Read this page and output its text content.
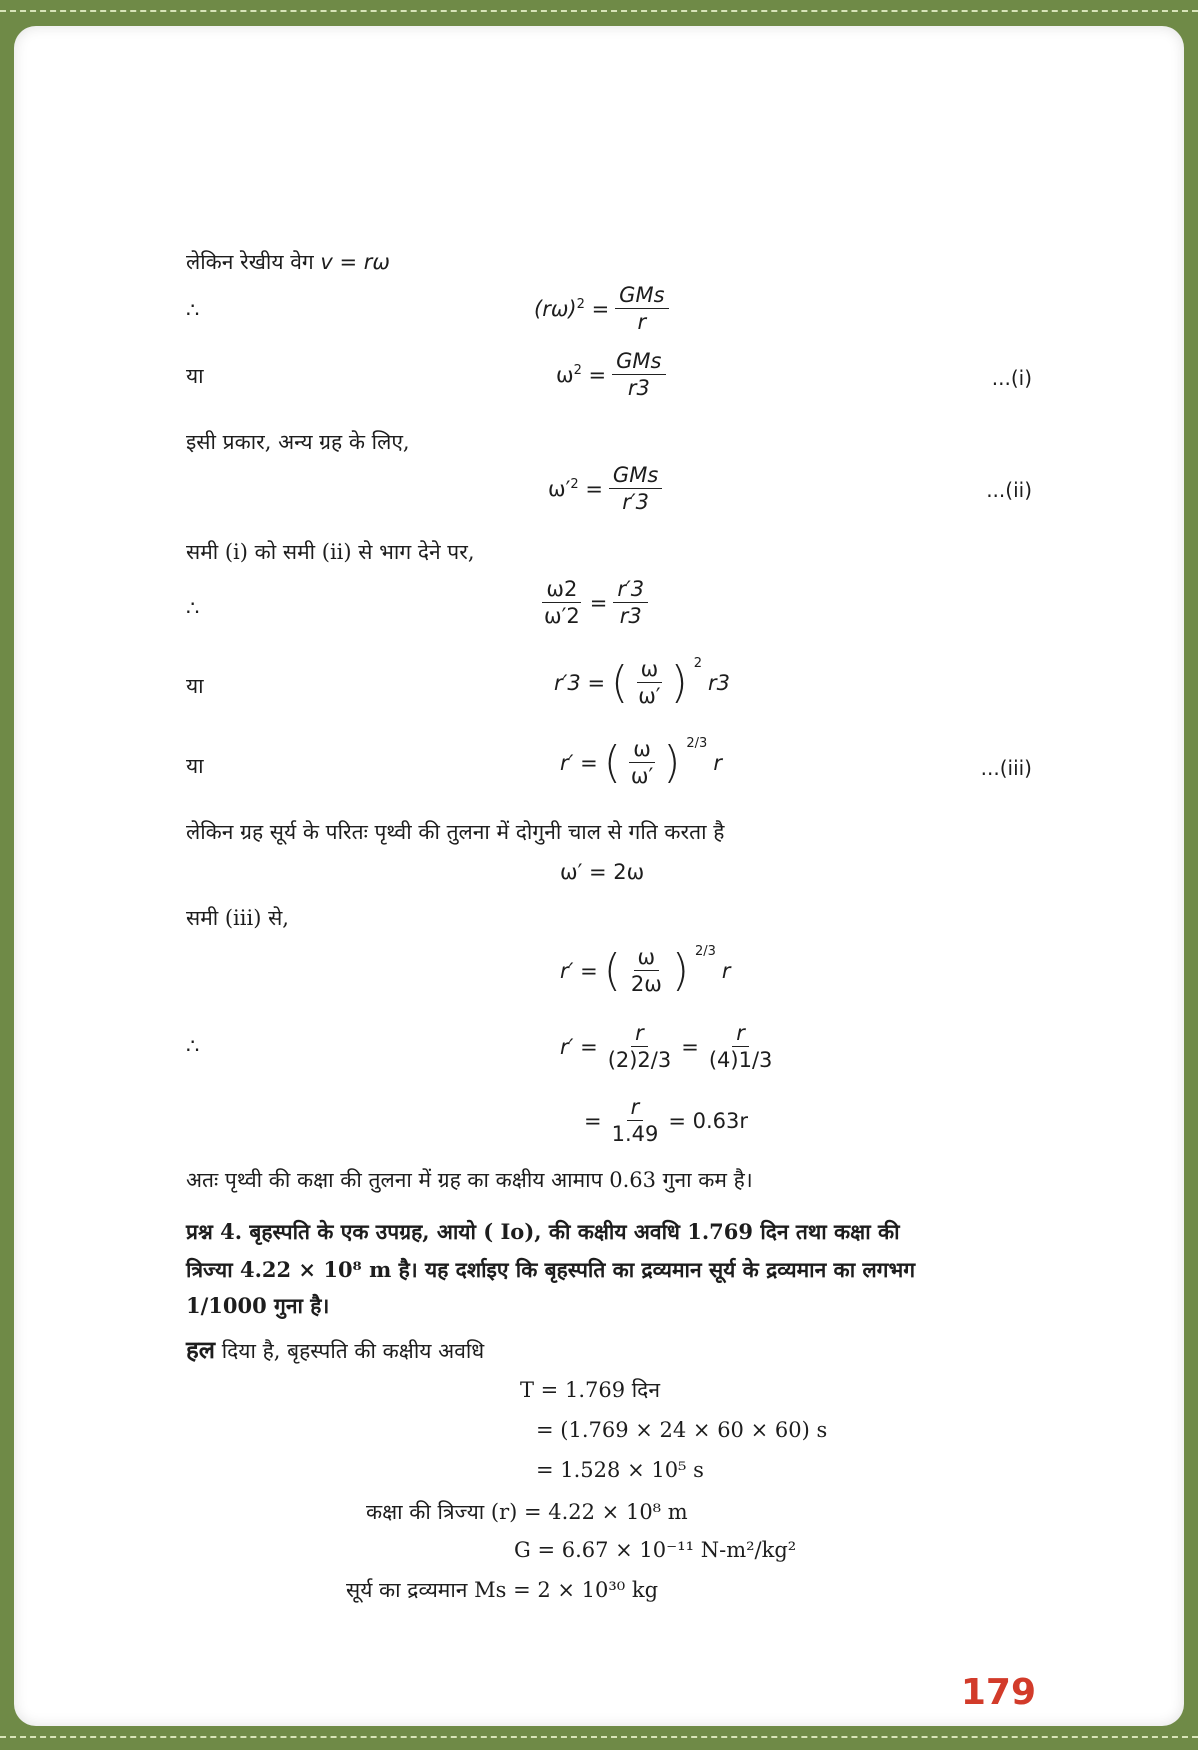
लेकिन रेखीय वेग v = rω
∴	$(r\omega)^2 = \frac{\text{GMs}}{r}$
या	$\omega^2 = \frac{\text{GMs}}{r3}$	...(i)
इसी प्रकार, अन्य ग्रह के लिए,
$\omega'^2 = \frac{\text{GMs}}{r'3}$	...(ii)
समी (i) को समी (ii) से भाग देने पर,
∴	$\frac{\omega 2}{\omega'2} = \frac{r'3}{r3}$
या	r′3 = ( $\frac{\omega}{\omega'}$ ) $^2$
r3
या	r′ = ( $\frac{\omega}{\omega'}$ ) $^{2/3}$
r	...(iii)
लेकिन ग्रह सूर्य के परितः पृथ्वी की तुलना में दोगुनी चाल से गति करता है
ω′ = 2ω
समी (iii) से,
r′ = ( $\frac{\omega}{2\omega}$ ) $^{2/3}$
r
∴	$r' = \frac{r}{(2)2/3} = \frac{r}{(4)1/3}$
= $\frac{r}{1.49} = 0.63r$
अतः पृथ्वी की कक्षा की तुलना में ग्रह का कक्षीय आमाप 0.63 गुना कम है।
प्रश्न 4. बृहस्पति के एक उपग्रह, आयो ( Io), की कक्षीय अवधि 1.769 दिन तथा कक्षा की
त्रिज्या 4.22 × 10⁸ m है। यह दर्शाइए कि बृहस्पति का द्रव्यमान सूर्य के द्रव्यमान का लगभग
1/1000 गुना है।
हल दिया है, बृहस्पति की कक्षीय अवधि
T = 1.769 दिन
= (1.769 × 24 × 60 × 60) s
= 1.528 × 10⁵ s
कक्षा की त्रिज्या (r) = 4.22 × 10⁸ m
G = 6.67 × 10⁻¹¹ N-m²/kg²
सूर्य का द्रव्यमान Ms = 2 × 10³⁰ kg
179
